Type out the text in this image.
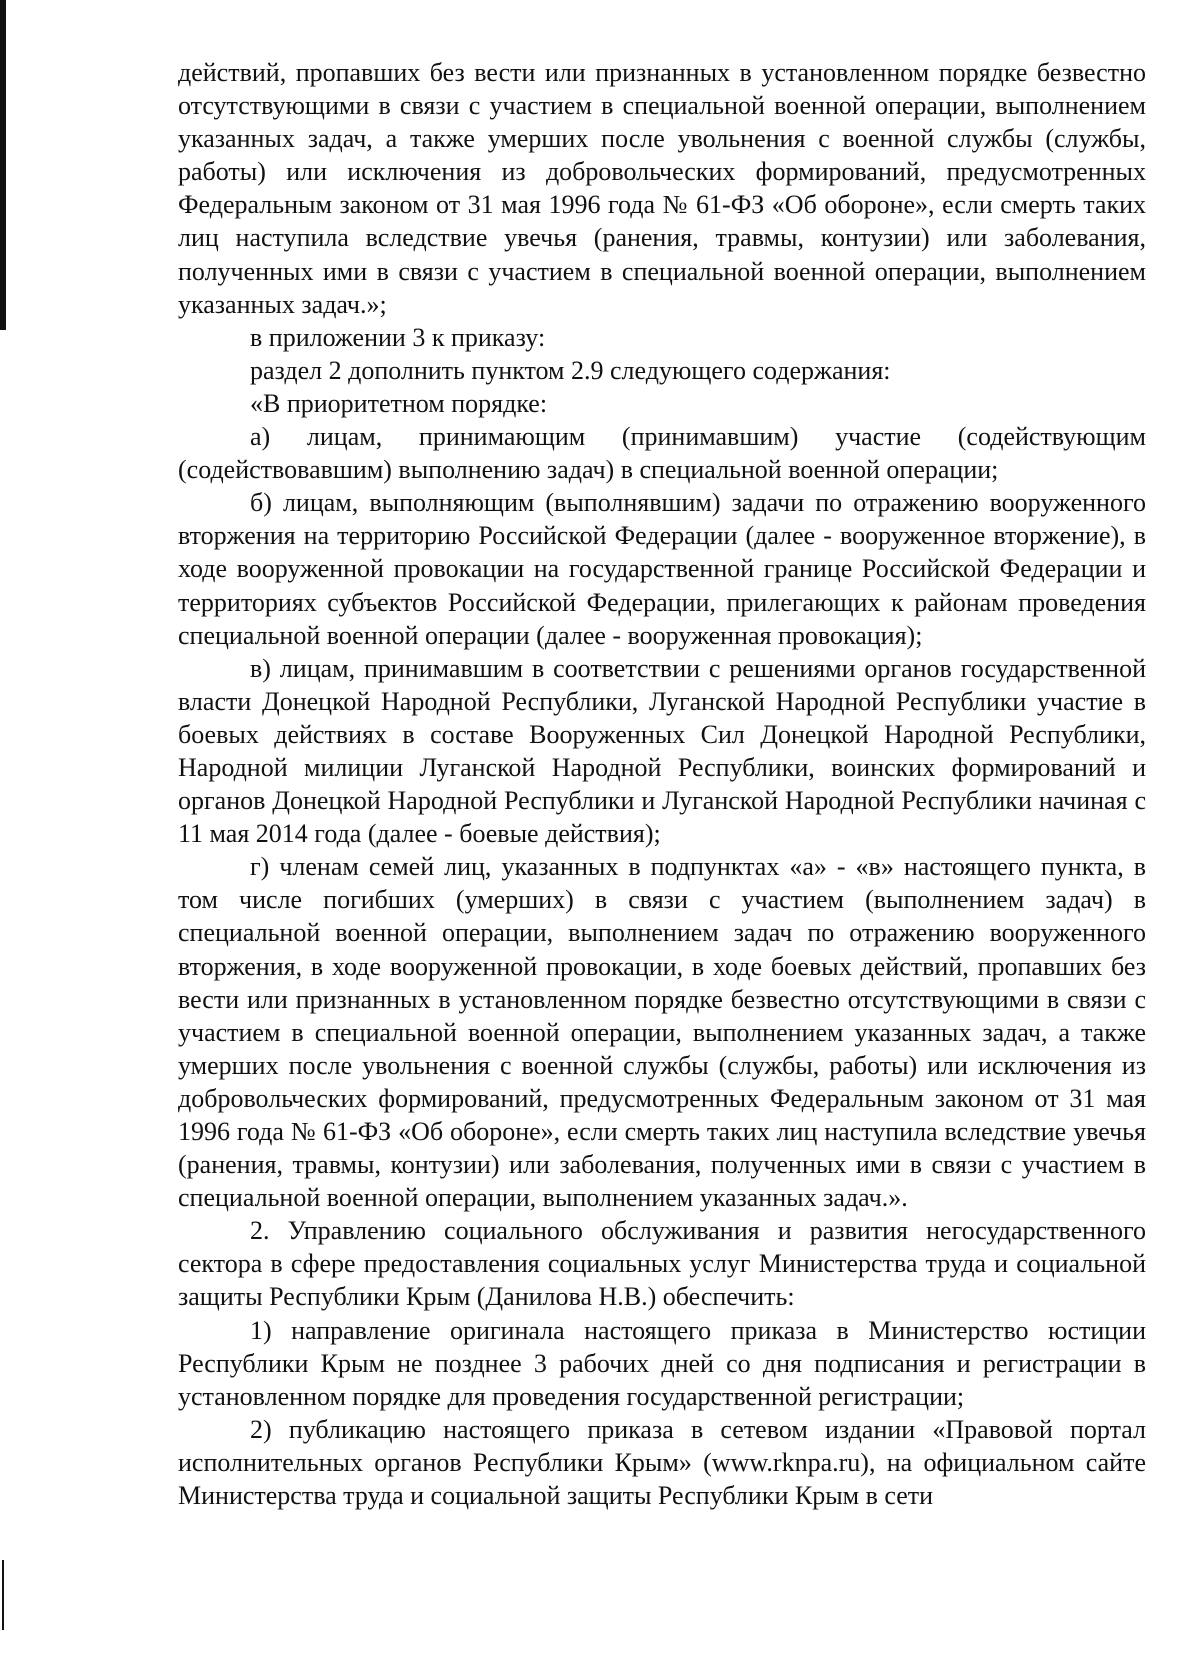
действий, пропавших без вести или признанных в установленном порядке безвестно отсутствующими в связи с участием в специальной военной операции, выполнением указанных задач, а также умерших после увольнения с военной службы (службы, работы) или исключения из добровольческих формирований, предусмотренных Федеральным законом от 31 мая 1996 года № 61-ФЗ «Об обороне», если смерть таких лиц наступила вследствие увечья (ранения, травмы, контузии) или заболевания, полученных ими в связи с участием в специальной военной операции, выполнением указанных задач.»;

в приложении 3 к приказу:

раздел 2 дополнить пунктом 2.9 следующего содержания:

«В приоритетном порядке:

а) лицам, принимающим (принимавшим) участие (содействующим (содействовавшим) выполнению задач) в специальной военной операции;

б) лицам, выполняющим (выполнявшим) задачи по отражению вооруженного вторжения на территорию Российской Федерации (далее - вооруженное вторжение), в ходе вооруженной провокации на государственной границе Российской Федерации и территориях субъектов Российской Федерации, прилегающих к районам проведения специальной военной операции (далее - вооруженная провокация);

в) лицам, принимавшим в соответствии с решениями органов государственной власти Донецкой Народной Республики, Луганской Народной Республики участие в боевых действиях в составе Вооруженных Сил Донецкой Народной Республики, Народной милиции Луганской Народной Республики, воинских формирований и органов Донецкой Народной Республики и Луганской Народной Республики начиная с 11 мая 2014 года (далее - боевые действия);

г) членам семей лиц, указанных в подпунктах «а» - «в» настоящего пункта, в том числе погибших (умерших) в связи с участием (выполнением задач) в специальной военной операции, выполнением задач по отражению вооруженного вторжения, в ходе вооруженной провокации, в ходе боевых действий, пропавших без вести или признанных в установленном порядке безвестно отсутствующими в связи с участием в специальной военной операции, выполнением указанных задач, а также умерших после увольнения с военной службы (службы, работы) или исключения из добровольческих формирований, предусмотренных Федеральным законом от 31 мая 1996 года № 61-ФЗ «Об обороне», если смерть таких лиц наступила вследствие увечья (ранения, травмы, контузии) или заболевания, полученных ими в связи с участием в специальной военной операции, выполнением указанных задач.».

2. Управлению социального обслуживания и развития негосударственного сектора в сфере предоставления социальных услуг Министерства труда и социальной защиты Республики Крым (Данилова Н.В.) обеспечить:

1) направление оригинала настоящего приказа в Министерство юстиции Республики Крым не позднее 3 рабочих дней со дня подписания и регистрации в установленном порядке для проведения государственной регистрации;

2) публикацию настоящего приказа в сетевом издании «Правовой портал исполнительных органов Республики Крым» (www.rknpa.ru), на официальном сайте Министерства труда и социальной защиты Республики Крым в сети
